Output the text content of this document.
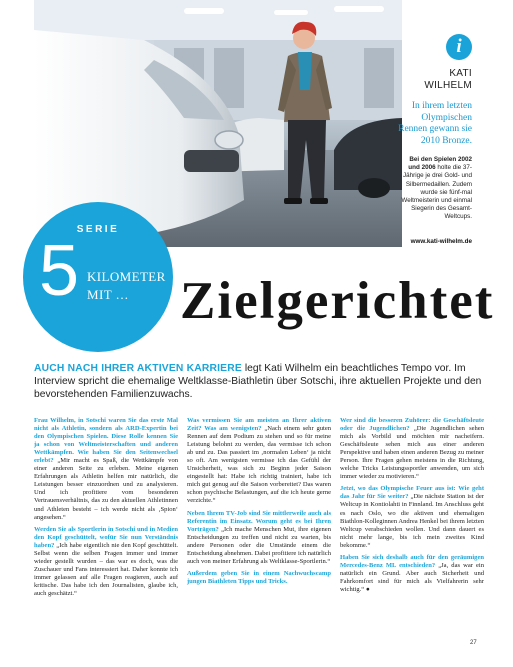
i
KATI
WILHELM
In ihrem letzten Olympischen Rennen gewann sie 2010 Bronze.
Bei den Spielen 2002 und 2006 holte die 37-Jährige je drei Gold- und Silbermedaillen. Zudem wurde sie fünf-mal Weltmeisterin und einmal Siegerin des Gesamt-Weltcups.
www.kati-wilhelm.de
SERIE
5 KILOMETER
MIT … Zielgerichtet
AUCH NACH IHRER AKTIVEN KARRIERE legt Kati Wilhelm ein beachtliches Tempo vor. Im Interview spricht die ehemalige Weltklasse-Biathletin über Sotschi, ihre aktuellen Projekte und den bevorstehenden Familienzuwachs.

Frau Wilhelm, in Sotschi waren Sie das erste Mal nicht als Athletin, sondern als ARD-Expertin bei den Olympischen Spielen. Diese Rolle kennen Sie ja schon von Weltmeisterschaften und anderen Wettkämpfen. Wie haben Sie den Seitenwechsel erlebt? „Mir macht es Spaß, die Wettkämpfe von einer anderen Seite zu erleben. Meine eigenen Erfahrungen als Athletin helfen mir natürlich, die Leistungen besser einzuordnen und zu analysieren. Und ich profitiere vom besonderen Vertrauensverhältnis, das zu den aktuellen Athletinnen und Athleten besteht – ich werde nicht als ‚Spion‘ angesehen.“

Werden Sie als Sportlerin in Sotschi und in Medien den Kopf geschüttelt, wofür Sie nun Verständnis haben? „Ich habe eigentlich nie den Kopf geschüttelt. Selbst wenn die selben Fragen immer und immer wieder gestellt wurden – das war es doch, was die Zuschauer und Fans interessiert hat. Daher konnte ich immer gelassen auf alle Fragen reagieren, auch auf kritische. Das habe ich den Journalisten, glaube ich, auch geschätzt.“

Was vermissen Sie am meisten an Ihrer aktiven Zeit? Was am wenigsten? „Nach einem sehr guten Rennen auf dem Podium zu stehen und so für meine Leistung belohnt zu werden, das vermisse ich schon ab und zu. Das passiert im ‚normalen Leben‘ ja nicht so oft. Am wenigsten vermisse ich das Gefühl der Unsicherheit, was sich zu Beginn jeder Saison eingestellt hat: Habe ich richtig trainiert, habe ich mich gut genug auf die Saison vorbereitet? Das waren schon psychische Belastungen, auf die ich heute gerne verzichte.“

Neben Ihrem TV-Job sind Sie mittlerweile auch als Referentin im Einsatz. Worum geht es bei Ihren Vorträgen? „Ich mache Menschen Mut, ihre eigenen Entscheidungen zu treffen und nicht zu warten, bis andere Personen oder die Umstände einem die Entscheidung abnehmen. Dabei profitiere ich natürlich auch von meiner Erfahrung als Weltklasse-Sportlerin.“

Außerdem geben Sie in einem Nachwuchscamp jungen Biathleten Tipps und Tricks.

Wer sind die besseren Zuhörer: die Geschäftsleute oder die Jugendlichen? „Die Jugendlichen sehen mich als Vorbild und möchten mir nacheifern. Geschäftsleute sehen mich aus einer anderen Perspektive und haben einen anderen Bezug zu meiner Person. Ihre Fragen gehen meistens in die Richtung, welche Tricks Leistungssportler anwenden, um sich immer wieder zu motivieren.“

Jetzt, wo das Olympische Feuer aus ist: Wie geht das Jahr für Sie weiter? „Die nächste Station ist der Weltcup in Kontiolahti in Finnland. Im Anschluss geht es nach Oslo, wo die aktiven und ehemaligen Biathlon-Kolleginnen Andrea Henkel bei ihrem letzten Weltcup verabschieden wollen. Und dann dauert es nicht mehr lange, bis ich mein zweites Kind bekomme.“

Haben Sie sich deshalb auch für den geräumigen Mercedes-Benz ML entschieden? „Ja, das war ein natürlich ein Grund. Aber auch Sicherheit und Fahrkomfort sind für mich als Vielfahrerin sehr wichtig.“ ●

27
